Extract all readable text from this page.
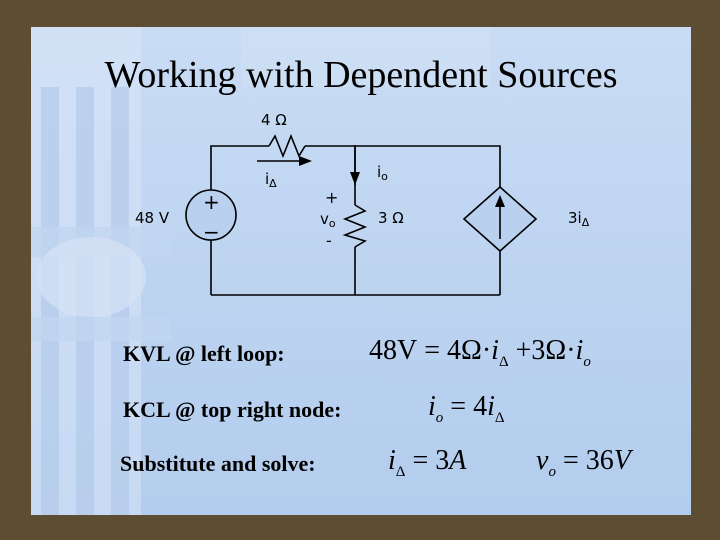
Working with Dependent Sources
4 Ω
$i_\Delta$
48 V
+
−
+
$v_o$
-
$i_o$
3 Ω	$3i_\Delta$
KVL @ left loop:	$48V = 4\Omega\cdot i_\Delta +3\Omega\cdot i_o$
KCL @ top right node:	$i_o = 4i_\Delta$
Substitute and solve:	$i_\Delta = 3A$ $v_o = 36V$
